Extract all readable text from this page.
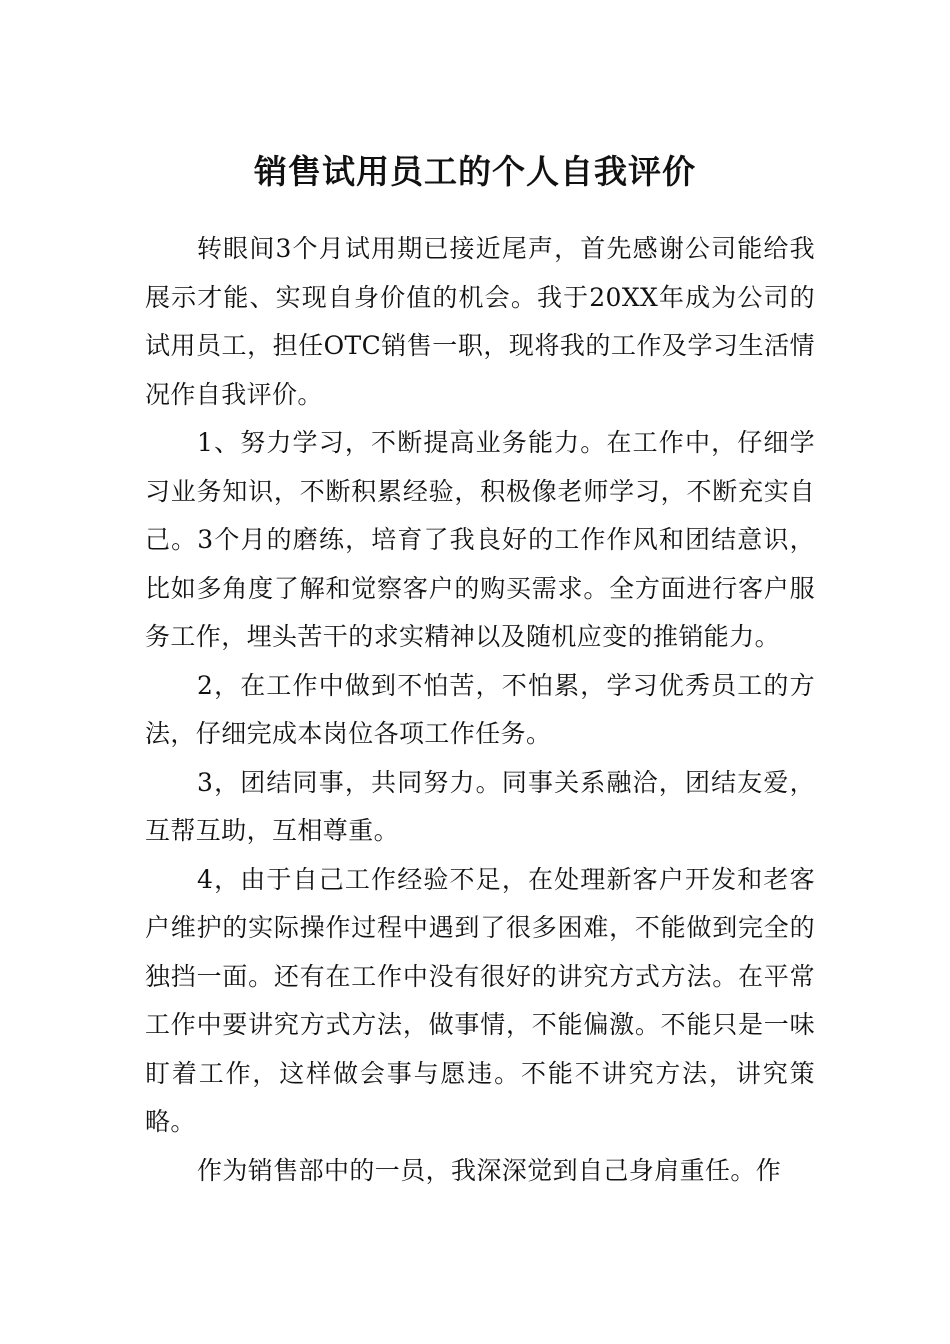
销售试用员工的个人自我评价

转眼间3个月试用期已接近尾声，首先感谢公司能给我展示才能、实现自身价值的机会。我于20XX年成为公司的试用员工，担任OTC销售一职，现将我的工作及学习生活情况作自我评价。

1、努力学习，不断提高业务能力。在工作中，仔细学习业务知识，不断积累经验，积极像老师学习，不断充实自己。3个月的磨练，培育了我良好的工作作风和团结意识，比如多角度了解和觉察客户的购买需求。全方面进行客户服务工作，埋头苦干的求实精神以及随机应变的推销能力。

2，在工作中做到不怕苦，不怕累，学习优秀员工的方法，仔细完成本岗位各项工作任务。

3，团结同事，共同努力。同事关系融洽，团结友爱，互帮互助，互相尊重。

4，由于自己工作经验不足，在处理新客户开发和老客户维护的实际操作过程中遇到了很多困难，不能做到完全的独挡一面。还有在工作中没有很好的讲究方式方法。在平常工作中要讲究方式方法，做事情，不能偏激。不能只是一味盯着工作，这样做会事与愿违。不能不讲究方法，讲究策略。

作为销售部中的一员，我深深觉到自己身肩重任。作
